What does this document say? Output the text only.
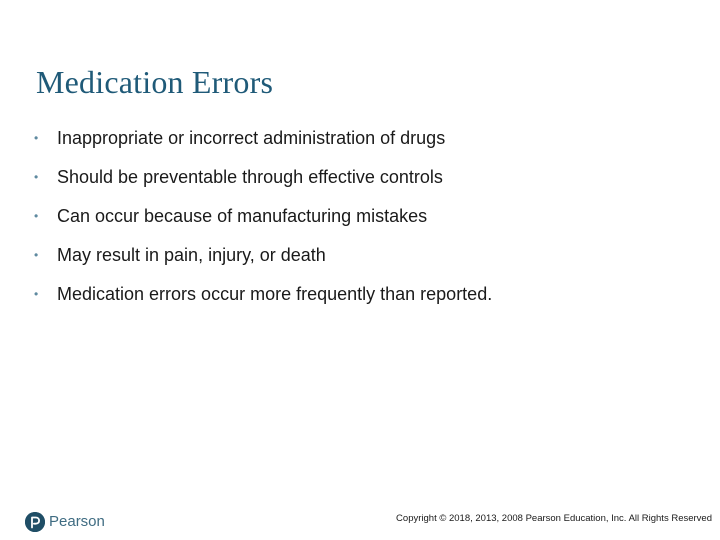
Medication Errors
• Inappropriate or incorrect administration of drugs
• Should be preventable through effective controls
• Can occur because of manufacturing mistakes
• May result in pain, injury, or death
• Medication errors occur more frequently than reported.
Pearson	Copyright © 2018, 2013, 2008 Pearson Education, Inc. All Rights Reserved
